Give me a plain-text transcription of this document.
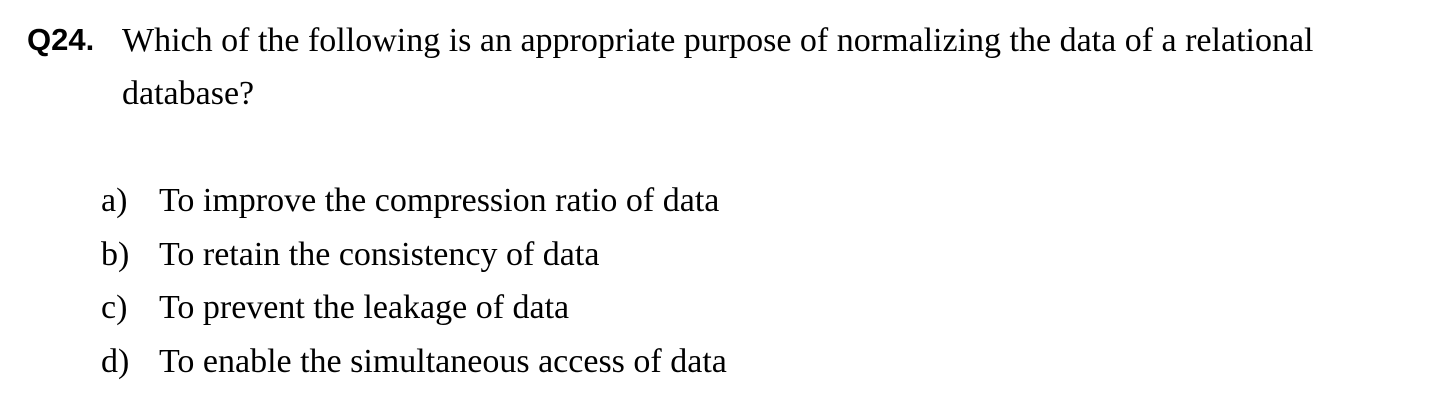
Q24. Which of the following is an appropriate purpose of normalizing the data of a relational database?
a) To improve the compression ratio of data
b) To retain the consistency of data
c) To prevent the leakage of data
d) To enable the simultaneous access of data
